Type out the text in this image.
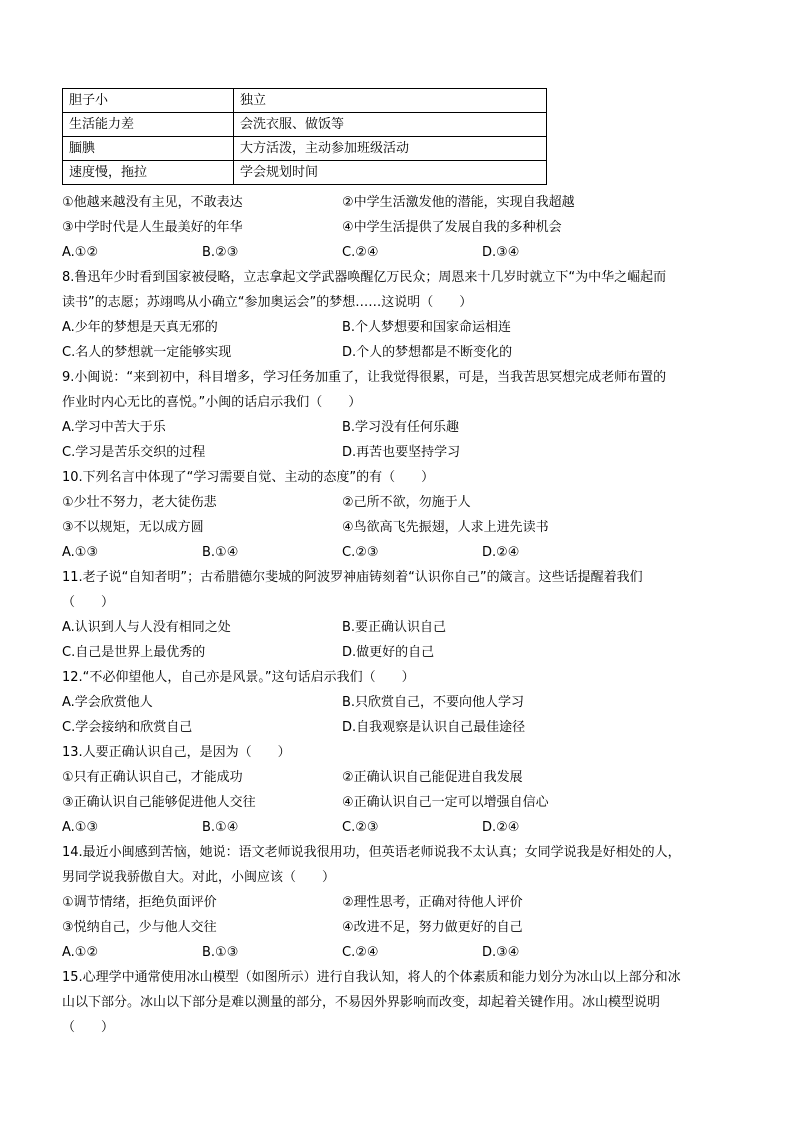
胆子小	独立
生活能力差	会洗衣服、做饭等
腼腆	大方活泼，主动参加班级活动
速度慢，拖拉	学会规划时间
①他越来越没有主见，不敢表达	②中学生活激发他的潜能，实现自我超越
③中学时代是人生最美好的年华	④中学生活提供了发展自我的多种机会
A.①②	B.②③	C.②④	D.③④
8.鲁迅年少时看到国家被侵略，立志拿起文学武器唤醒亿万民众；周恩来十几岁时就立下“为中华之崛起而
读书”的志愿；苏翊鸣从小确立“参加奥运会”的梦想……这说明（　　）
A.少年的梦想是天真无邪的	B.个人梦想要和国家命运相连
C.名人的梦想就一定能够实现	D.个人的梦想都是不断变化的
9.小闽说：“来到初中，科目增多，学习任务加重了，让我觉得很累，可是，当我苦思冥想完成老师布置的
作业时内心无比的喜悦。”小闽的话启示我们（　　）
A.学习中苦大于乐	B.学习没有任何乐趣
C.学习是苦乐交织的过程	D.再苦也要坚持学习
10.下列名言中体现了“学习需要自觉、主动的态度”的有（　　）
①少壮不努力，老大徒伤悲	②己所不欲，勿施于人
③不以规矩，无以成方圆	④鸟欲高飞先振翅，人求上进先读书
A.①③	B.①④	C.②③	D.②④
11.老子说“自知者明”；古希腊德尔斐城的阿波罗神庙铸刻着“认识你自己”的箴言。这些话提醒着我们
（　　）
A.认识到人与人没有相同之处	B.要正确认识自己
C.自己是世界上最优秀的	D.做更好的自己
12.“不必仰望他人，自己亦是风景。”这句话启示我们（　　）
A.学会欣赏他人	B.只欣赏自己，不要向他人学习
C.学会接纳和欣赏自己	D.自我观察是认识自己最佳途径
13.人要正确认识自己，是因为（　　）
①只有正确认识自己，才能成功	②正确认识自己能促进自我发展
③正确认识自己能够促进他人交往	④正确认识自己一定可以增强自信心
A.①③	B.①④	C.②③	D.②④
14.最近小闽感到苦恼，她说：语文老师说我很用功，但英语老师说我不太认真；女同学说我是好相处的人，
男同学说我骄傲自大。对此，小闽应该（　　）
①调节情绪，拒绝负面评价	②理性思考，正确对待他人评价
③悦纳自己，少与他人交往	④改进不足，努力做更好的自己
A.①②	B.①③	C.②④	D.③④
15.心理学中通常使用冰山模型（如图所示）进行自我认知，将人的个体素质和能力划分为冰山以上部分和冰
山以下部分。冰山以下部分是难以测量的部分，不易因外界影响而改变，却起着关键作用。冰山模型说明
（　　）
